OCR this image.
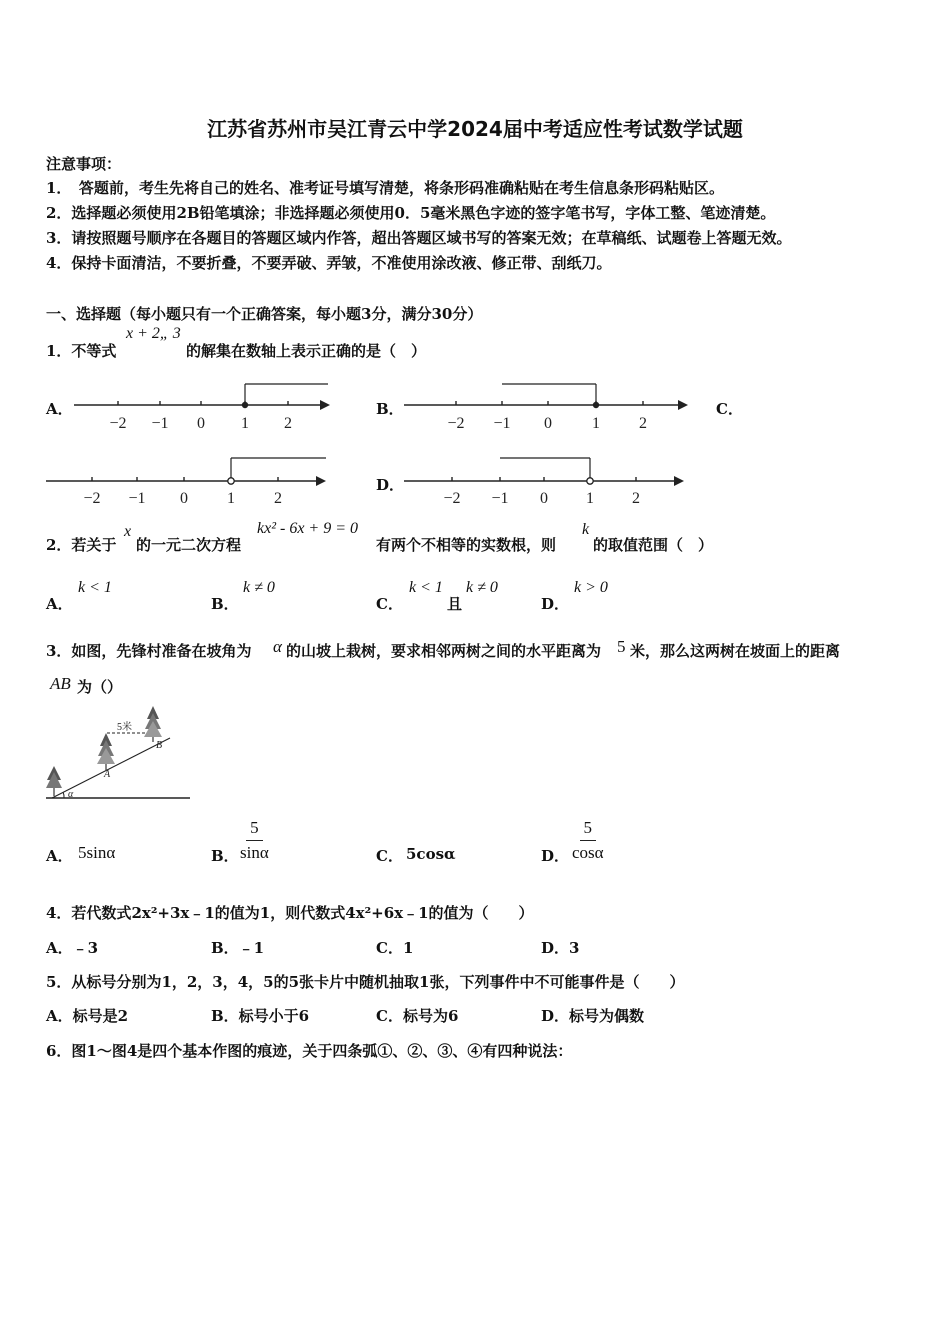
江苏省苏州市吴江青云中学2024届中考适应性考试数学试题
注意事项：
1．　答题前，考生先将自己的姓名、准考证号填写清楚，将条形码准确粘贴在考生信息条形码粘贴区。
2．选择题必须使用2B铅笔填涂；非选择题必须使用0．5毫米黑色字迹的签字笔书写，字体工整、笔迹清楚。
3．请按照题号顺序在各题目的答题区域内作答，超出答题区域书写的答案无效；在草稿纸、试题卷上答题无效。
4．保持卡面清洁，不要折叠，不要弄破、弄皱，不准使用涂改液、修正带、刮纸刀。
一、选择题（每小题只有一个正确答案，每小题3分，满分30分）
1．不等式
x + 2„ 3
的解集在数轴上表示正确的是（　）
A．	B．	C．
D．
−2 −1 0 1 2	−2 −1 0	1 2
−2 −1 0 1 2	−2 −1 0 1 2
2．若关于
x
的一元二次方程
kx² - 6x + 9 = 0
有两个不相等的实数根，则
k
的取值范围（　）
A．
k < 1
B．
k ≠ 0
C．
k < 1
且
k ≠ 0
D．
k > 0
3．如图，先锋村准备在坡角为 α 的山坡上栽树，要求相邻两树之间的水平距离为 5 米，那么这两树在坡面上的距离
AB 为（）
5米
A
B
α
A． 5sinα	B． $\frac{5}{\sin\alpha}$	C． 5cosα	D． $\frac{5}{\cos\alpha}$
4．若代数式2x²+3x﹣1的值为1，则代数式4x²+6x﹣1的值为（　　）
A．﹣3	B．﹣1	C．1	D．3
5．从标号分别为1，2，3，4，5的5张卡片中随机抽取1张，下列事件中不可能事件是（　　）
A．标号是2	B．标号小于6	C．标号为6	D．标号为偶数
6．图1～图4是四个基本作图的痕迹，关于四条弧①、②、③、④有四种说法：
